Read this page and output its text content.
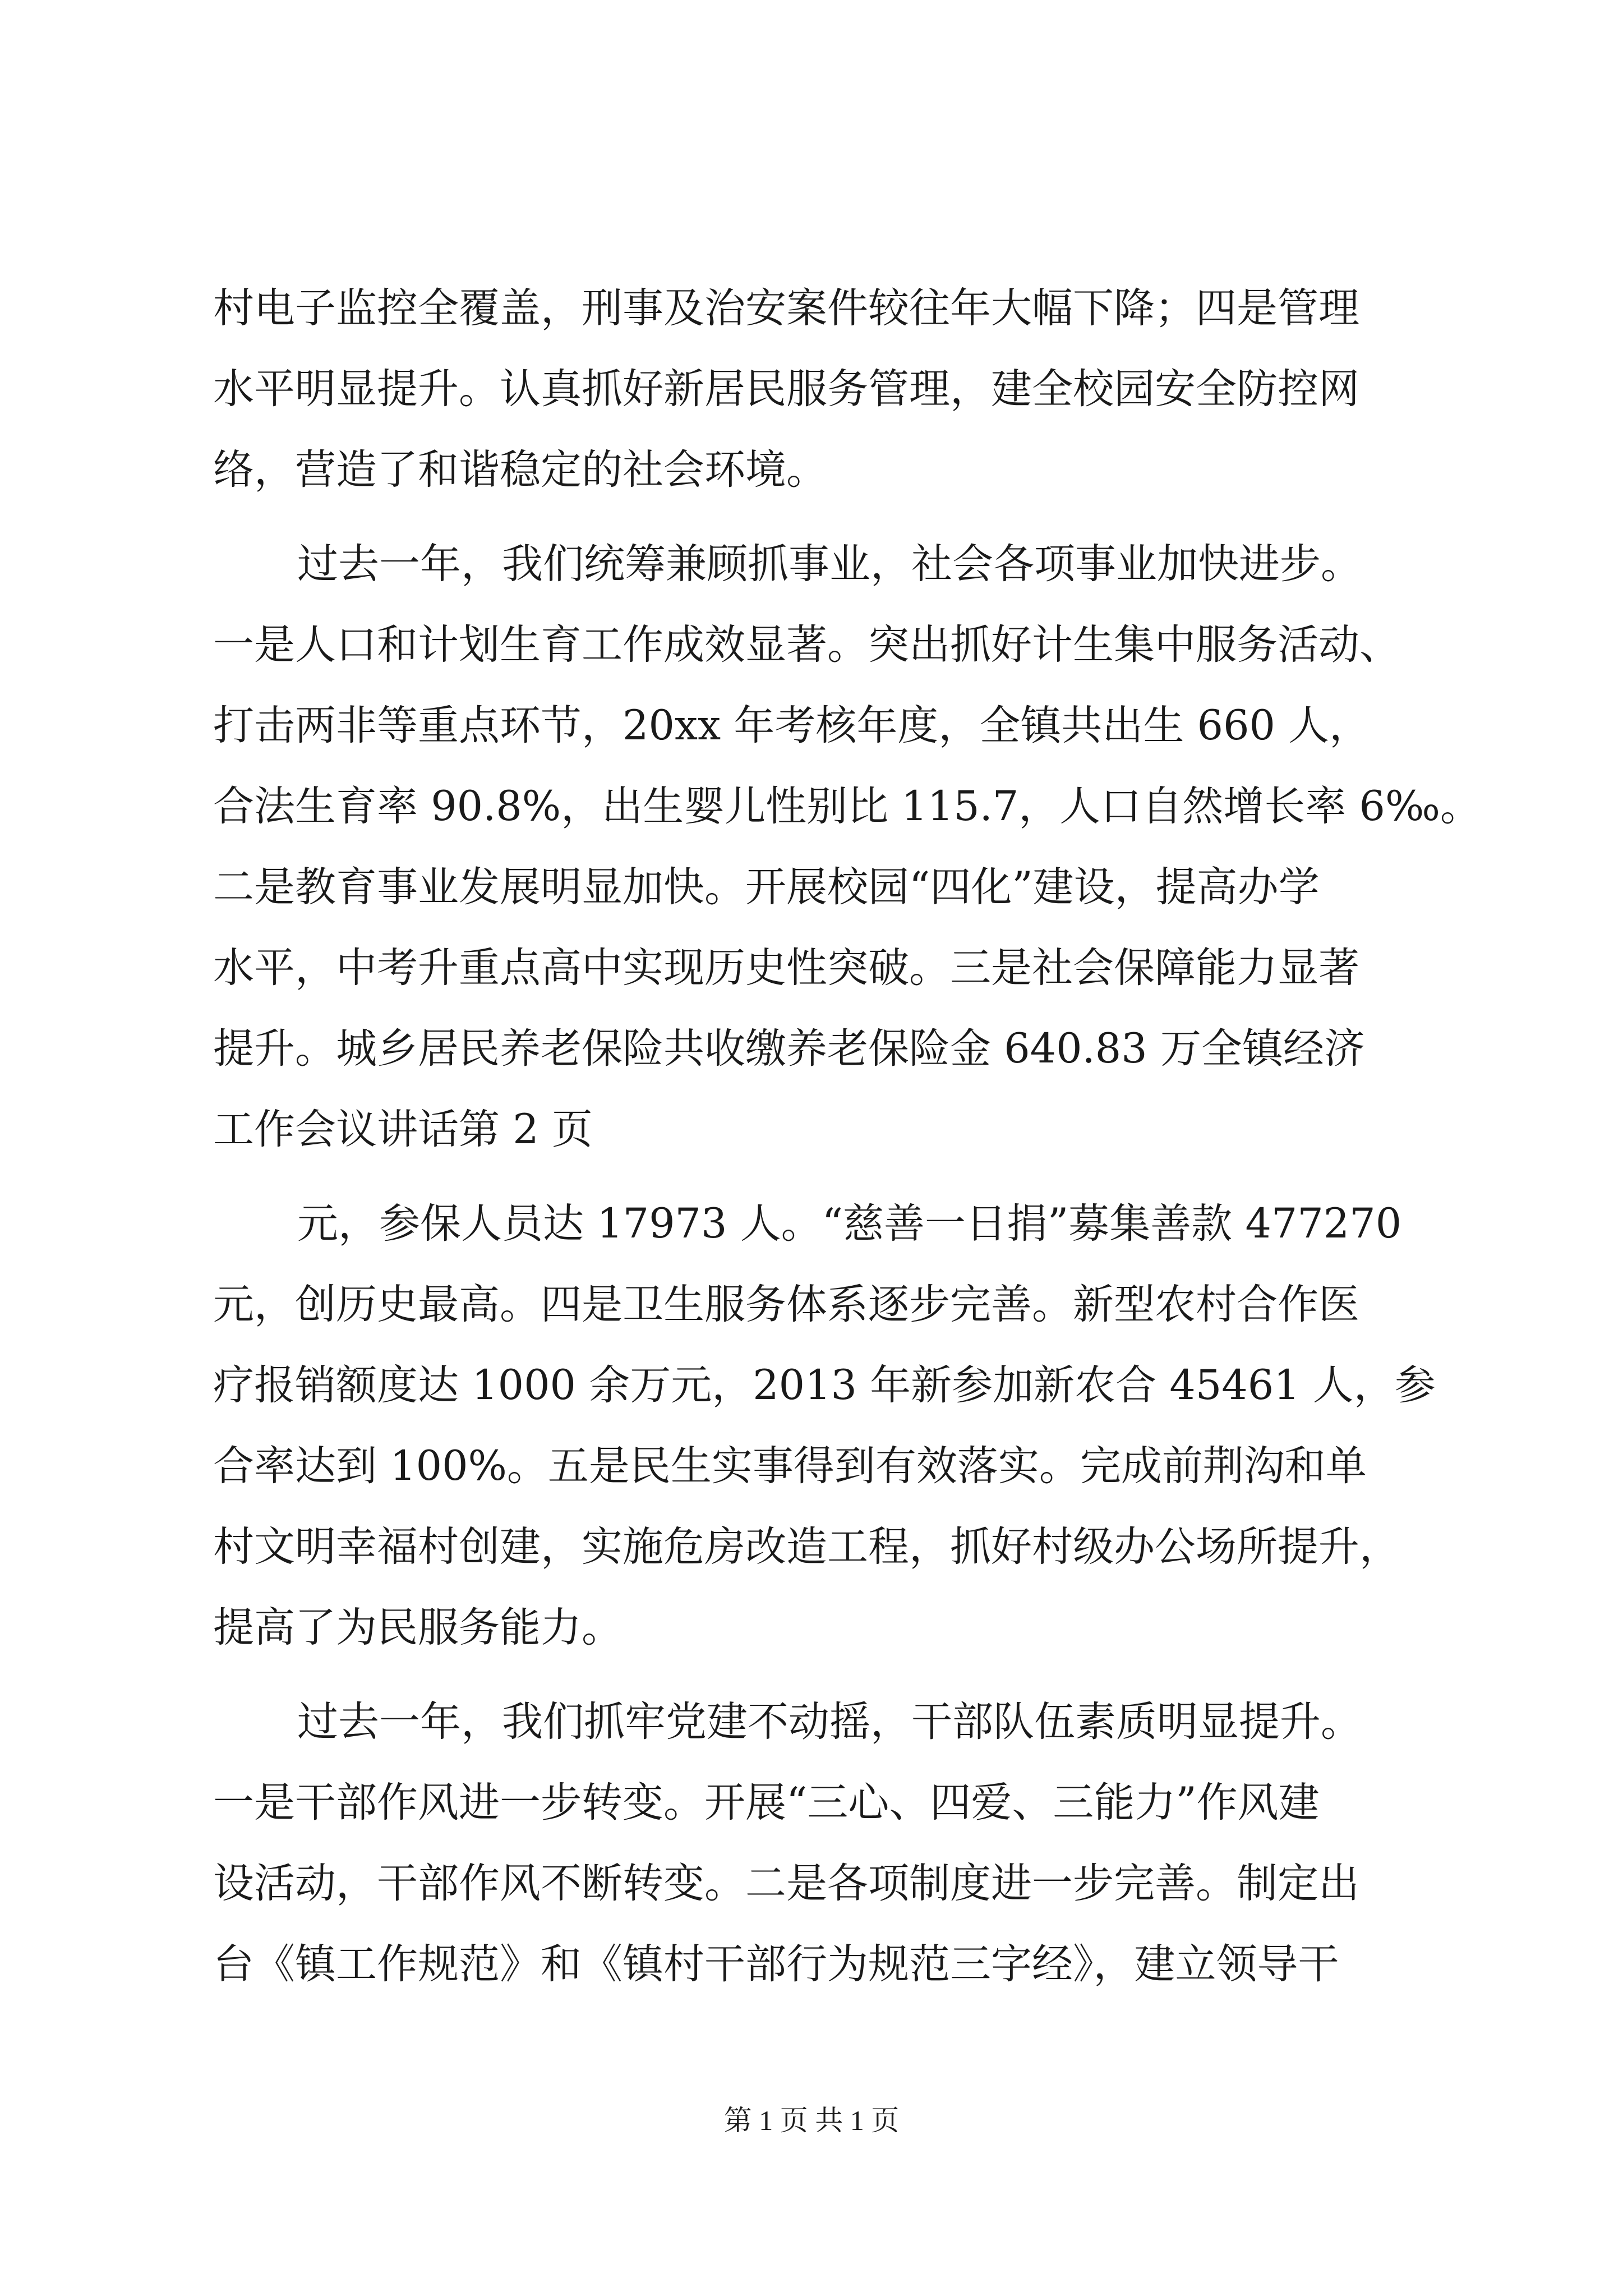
村电子监控全覆盖，刑事及治安案件较往年大幅下降；四是管理
水平明显提升。认真抓好新居民服务管理，建全校园安全防控网
络，营造了和谐稳定的社会环境。
过去一年，我们统筹兼顾抓事业，社会各项事业加快进步。
一是人口和计划生育工作成效显著。突出抓好计生集中服务活动、
打击两非等重点环节，20xx 年考核年度，全镇共出生 660 人，
合法生育率 90.8%，出生婴儿性别比 115.7，人口自然增长率 6‰。
二是教育事业发展明显加快。开展校园“四化”建设，提高办学
水平，中考升重点高中实现历史性突破。三是社会保障能力显著
提升。城乡居民养老保险共收缴养老保险金 640.83 万全镇经济
工作会议讲话第 2 页
元，参保人员达 17973 人。“慈善一日捐”募集善款 477270
元，创历史最高。四是卫生服务体系逐步完善。新型农村合作医
疗报销额度达 1000 余万元，2013 年新参加新农合 45461 人，参
合率达到 100%。五是民生实事得到有效落实。完成前荆沟和单
村文明幸福村创建，实施危房改造工程，抓好村级办公场所提升，
提高了为民服务能力。
过去一年，我们抓牢党建不动摇，干部队伍素质明显提升。
一是干部作风进一步转变。开展“三心、四爱、三能力”作风建
设活动，干部作风不断转变。二是各项制度进一步完善。制定出
台《镇工作规范》和《镇村干部行为规范三字经》，建立领导干
第 1 页 共 1 页
